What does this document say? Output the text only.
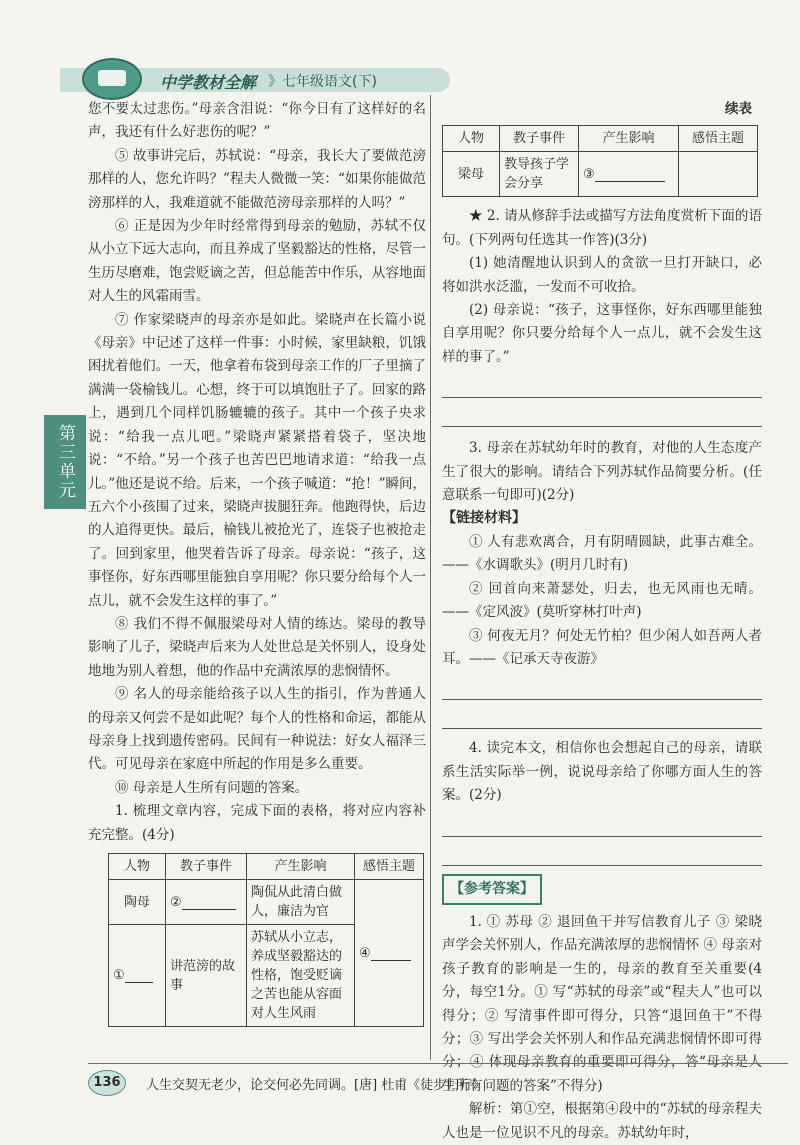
中学教材全解 》七年级语文(下)
第三单元

您不要太过悲伤。”母亲含泪说：“你今日有了这样好的名声，我还有什么好悲伤的呢？”

⑤ 故事讲完后，苏轼说：“母亲，我长大了要做范滂那样的人，您允许吗？”程夫人微微一笑：“如果你能做范滂那样的人，我难道就不能做范滂母亲那样的人吗？”

⑥ 正是因为少年时经常得到母亲的勉励，苏轼不仅从小立下远大志向，而且养成了坚毅豁达的性格，尽管一生历尽磨难，饱尝贬谪之苦，但总能苦中作乐，从容地面对人生的风霜雨雪。

⑦ 作家梁晓声的母亲亦是如此。梁晓声在长篇小说《母亲》中记述了这样一件事：小时候，家里缺粮，饥饿困扰着他们。一天，他拿着布袋到母亲工作的厂子里摘了满满一袋榆钱儿。心想，终于可以填饱肚子了。回家的路上，遇到几个同样饥肠辘辘的孩子。其中一个孩子央求说：“给我一点儿吧。”梁晓声紧紧搭着袋子，坚决地说：“不给。”另一个孩子也苦巴巴地请求道：“给我一点儿。”他还是说不给。后来，一个孩子喊道：“抢！”瞬间，五六个小孩围了过来，梁晓声拔腿狂奔。他跑得快，后边的人追得更快。最后，榆钱儿被抢光了，连袋子也被抢走了。回到家里，他哭着告诉了母亲。母亲说：“孩子，这事怪你，好东西哪里能独自享用呢？你只要分给每个人一点儿，就不会发生这样的事了。”

⑧ 我们不得不佩服梁母对人情的练达。梁母的教导影响了儿子，梁晓声后来为人处世总是关怀别人，设身处地地为别人着想，他的作品中充满浓厚的悲悯情怀。

⑨ 名人的母亲能给孩子以人生的指引，作为普通人的母亲又何尝不是如此呢？每个人的性格和命运，都能从母亲身上找到遗传密码。民间有一种说法：好女人福泽三代。可见母亲在家庭中所起的作用是多么重要。

⑩ 母亲是人生所有问题的答案。

1. 梳理文章内容，完成下面的表格，将对应内容补充完整。(4分)

人物	教子事件	产生影响	感悟主题
陶母	②	陶侃从此清白做人，廉洁为官	④
①	讲范滂的故事	苏轼从小立志，养成坚毅豁达的性格，饱受贬谪之苦也能从容面对人生风雨	
续表
人物	教子事件	产生影响	感悟主题
梁母	教导孩子学会分享	③	

★ 2. 请从修辞手法或描写方法角度赏析下面的语句。(下列两句任选其一作答)(3分)

(1) 她清醒地认识到人的贪欲一旦打开缺口，必将如洪水泛滥，一发而不可收拾。

(2) 母亲说：“孩子，这事怪你，好东西哪里能独自享用呢？你只要分给每个人一点儿，就不会发生这样的事了。”

3. 母亲在苏轼幼年时的教育，对他的人生态度产生了很大的影响。请结合下列苏轼作品简要分析。(任意联系一句即可)(2分)

【链接材料】

① 人有悲欢离合，月有阴晴圆缺，此事古难全。——《水调歌头》(明月几时有)

② 回首向来萧瑟处，归去，也无风雨也无晴。——《定风波》(莫听穿林打叶声)

③ 何夜无月？何处无竹柏？但少闲人如吾两人者耳。——《记承天寺夜游》

4. 读完本文，相信你也会想起自己的母亲，请联系生活实际举一例，说说母亲给了你哪方面人生的答案。(2分)

【参考答案】

1. ① 苏母 ② 退回鱼干并写信教育儿子 ③ 梁晓声学会关怀别人，作品充满浓厚的悲悯情怀 ④ 母亲对孩子教育的影响是一生的，母亲的教育至关重要(4分，每空1分。① 写“苏轼的母亲”或“程夫人”也可以得分；② 写清事件即可得分，只答“退回鱼干”不得分；③ 写出学会关怀别人和作品充满悲悯情怀即可得分；④ 体现母亲教育的重要即可得分，答“母亲是人生所有问题的答案”不得分)

解析：第①空，根据第④段中的“苏轼的母亲程夫人也是一位见识不凡的母亲。苏轼幼年时，

136	人生交契无老少，论交何必先同调。[唐] 杜甫《徒步归行》
